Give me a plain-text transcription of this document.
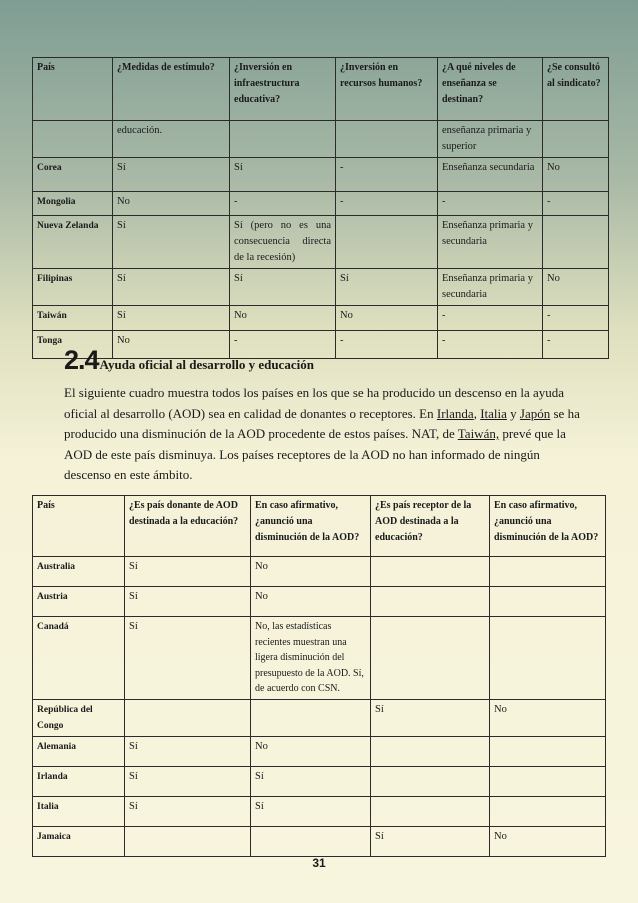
País	¿Medidas de estímulo?	¿Inversión en infraestructura educativa?	¿Inversión en recursos humanos?	¿A qué niveles de enseñanza se destinan?	¿Se consultó al sindicato?
	educación.			enseñanza primaria y superior	
Corea	Sí	Sí	-	Enseñanza secundaria	No
Mongolia	No	-	-	-	-
Nueva Zelanda	Sí	Sí (pero no es una consecuencia directa de la recesión)		Enseñanza primaria y secundaria	
Filipinas	Sí	Sí	Sí	Enseñanza primaria y secundaria	No
Taiwán	Sí	No	No	-	-
Tonga	No	-	-	-	-
2.4 Ayuda oficial al desarrollo y educación

El siguiente cuadro muestra todos los países en los que se ha producido un descenso en la ayuda oficial al desarrollo (AOD) sea en calidad de donantes o receptores. En Irlanda, Italia y Japón se ha producido una disminución de la AOD procedente de estos países. NAT, de Taiwán, prevé que la AOD de este país disminuya. Los países receptores de la AOD no han informado de ningún descenso en este ámbito.

País	¿Es país donante de AOD destinada a la educación?	En caso afirmativo, ¿anunció una disminución de la AOD?	¿Es país receptor de la AOD destinada a la educación?	En caso afirmativo, ¿anunció una disminución de la AOD?
Australia	Sí	No		
Austria	Sí	No		
Canadá	Sí	No, las estadísticas recientes muestran una ligera disminución del presupuesto de la AOD. Sí, de acuerdo con CSN.		
República del Congo			Sí	No
Alemania	Sí	No		
Irlanda	Sí	Sí		
Italia	Sí	Sí		
Jamaica			Sí	No
31
